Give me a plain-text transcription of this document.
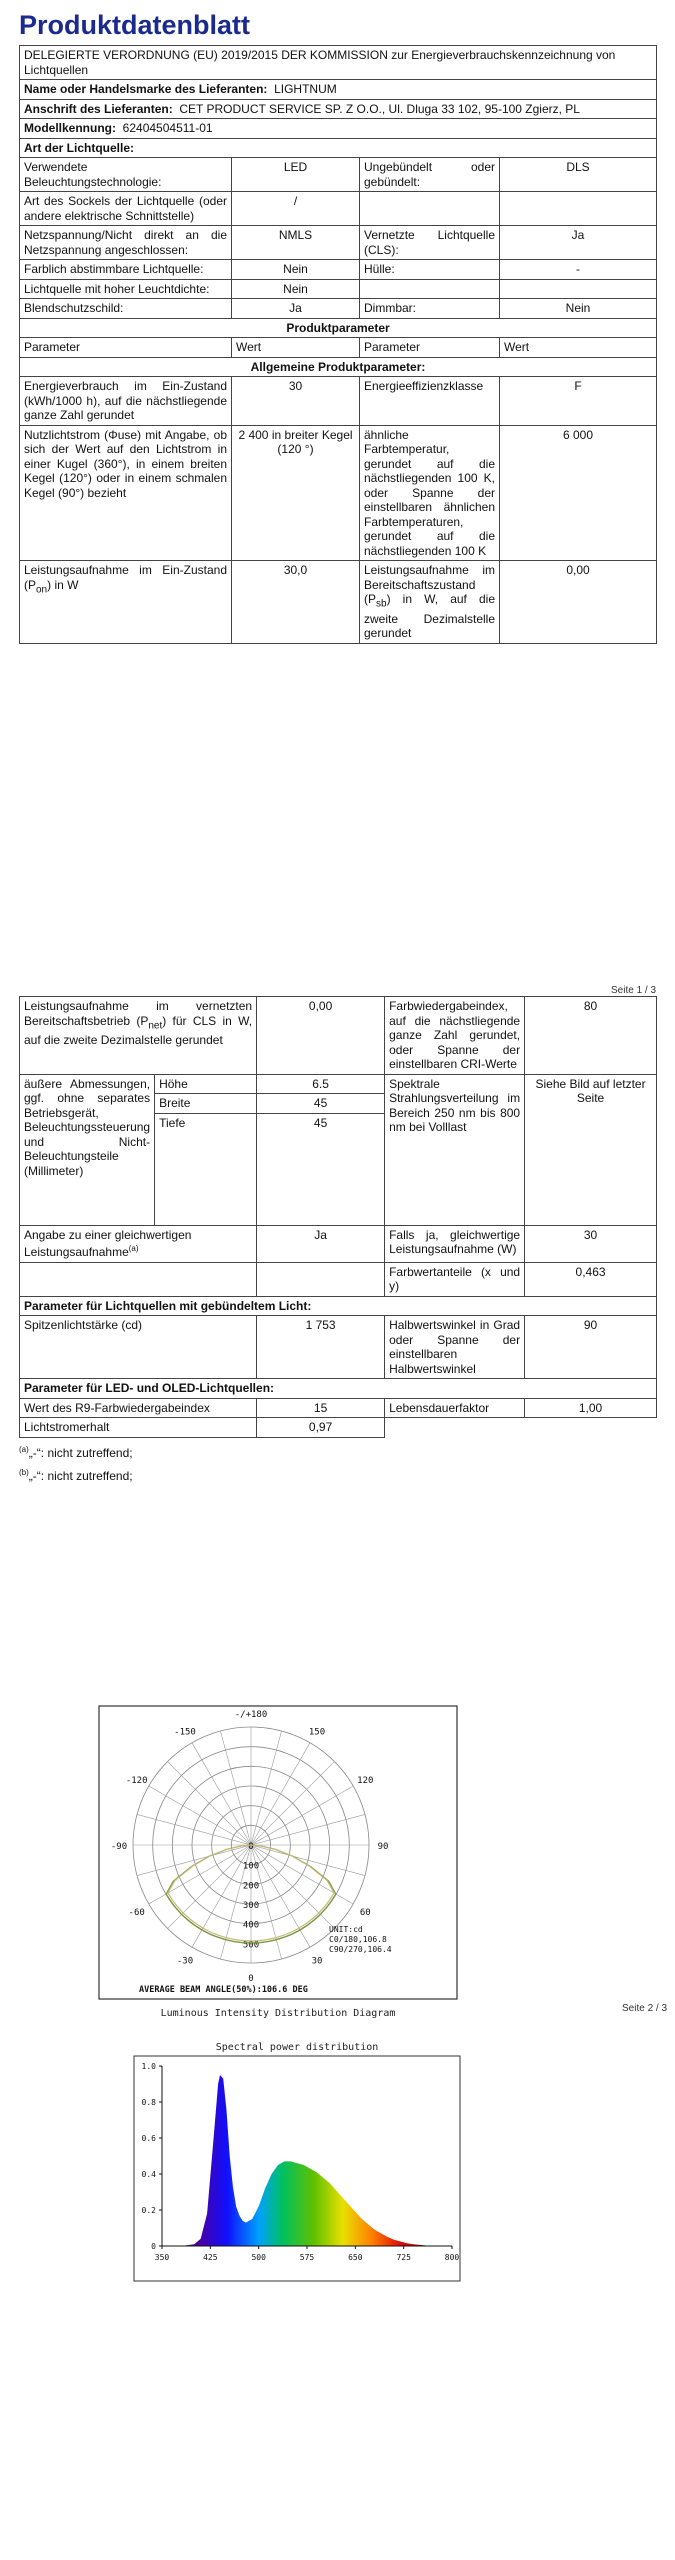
Produktdatenblatt
DELEGIERTE VERORDNUNG (EU) 2019/2015 DER KOMMISSION zur Energieverbrauchskennzeichnung von Lichtquellen			
Name oder Handelsmarke des Lieferanten: LIGHTNUM			
Anschrift des Lieferanten: CET PRODUCT SERVICE SP. Z O.O., Ul. Dluga 33 102, 95-100 Zgierz, PL			
Modellkennung: 62404504511-01			
Art der Lichtquelle:			
Verwendete Beleuchtungstechnologie:	LED	Ungebündelt oder gebündelt:	DLS
Art des Sockels der Lichtquelle (oder andere elektrische Schnittstelle)	/		
Netzspannung/Nicht direkt an die Netzspannung angeschlossen:	NMLS	Vernetzte Lichtquelle (CLS):	Ja
Farblich abstimmbare Lichtquelle:	Nein	Hülle:	-
Lichtquelle mit hoher Leuchtdichte:	Nein		
Blendschutzschild:	Ja	Dimmbar:	Nein
Produktparameter			
Parameter	Wert	Parameter	Wert
Allgemeine Produktparameter:			
Energieverbrauch im Ein-Zustand (kWh/1000 h), auf die nächstliegende ganze Zahl gerundet	30	Energieeffizienzklasse	F
Nutzlichtstrom (Φuse) mit Angabe, ob sich der Wert auf den Lichtstrom in einer Kugel (360°), in einem breiten Kegel (120°) oder in einem schmalen Kegel (90°) bezieht	2 400 in breiter Kegel (120 °)	ähnliche Farbtemperatur, gerundet auf die nächstliegenden 100 K, oder Spanne der einstellbaren ähnlichen Farbtemperaturen, gerundet auf die nächstliegenden 100 K	6 000
Leistungsaufnahme im Ein-Zustand $(P_{on})$ in W	30,0	Leistungsaufnahme im Bereitschaftszustand $(P_{sb})$ in W, auf die zweite Dezimalstelle gerundet	0,00
Seite 1 / 3
Leistungsaufnahme im vernetzten Bereitschaftsbetrieb $(P_{net})$ für CLS in W, auf die zweite Dezimalstelle gerundet		0,00	Farbwiedergabeindex, auf die nächstliegende ganze Zahl gerundet, oder Spanne der einstellbaren CRI-Werte	80
äußere Abmessungen, ggf. ohne separates Betriebsgerät, Beleuchtungssteuerung und Nicht-Beleuchtungsteile (Millimeter)	Höhe	6.5	Spektrale Strahlungsverteilung im Bereich 250 nm bis 800 nm bei Volllast	Siehe Bild auf letzter Seite
	Breite	45		
	Tiefe	45		
Angabe zu einer gleichwertigen Leistungsaufnahme$^{(a)}$		Ja	Falls ja, gleichwertige Leistungsaufnahme (W)	30
			Farbwertanteile (x und y)	0,463
Parameter für Lichtquellen mit gebündeltem Licht:				
Spitzenlichtstärke (cd)		1 753	Halbwertswinkel in Grad oder Spanne der einstellbaren Halbwertswinkel	90
Parameter für LED- und OLED-Lichtquellen:				
Wert des R9-Farbwiedergabeindex		15	Lebensdauerfaktor	1,00
Lichtstromerhalt		0,97		
$^{(a)}$„-“: nicht zutreffend;
$^{(b)}$„-“: nicht zutreffend;
Seite 2 / 3
-/+180
-150	150
-120	120
-90	90
-60	60
-30	30
0
0
100
200
300
400
500
UNIT:cd
C0/180,106.8
C90/270,106.4
AVERAGE BEAM ANGLE(50%):106.6 DEG
Luminous Intensity Distribution Diagram
Spectral power distribution
350	425	500	575	650	725	800
0
0.2
0.4
0.6
0.8
1.0
